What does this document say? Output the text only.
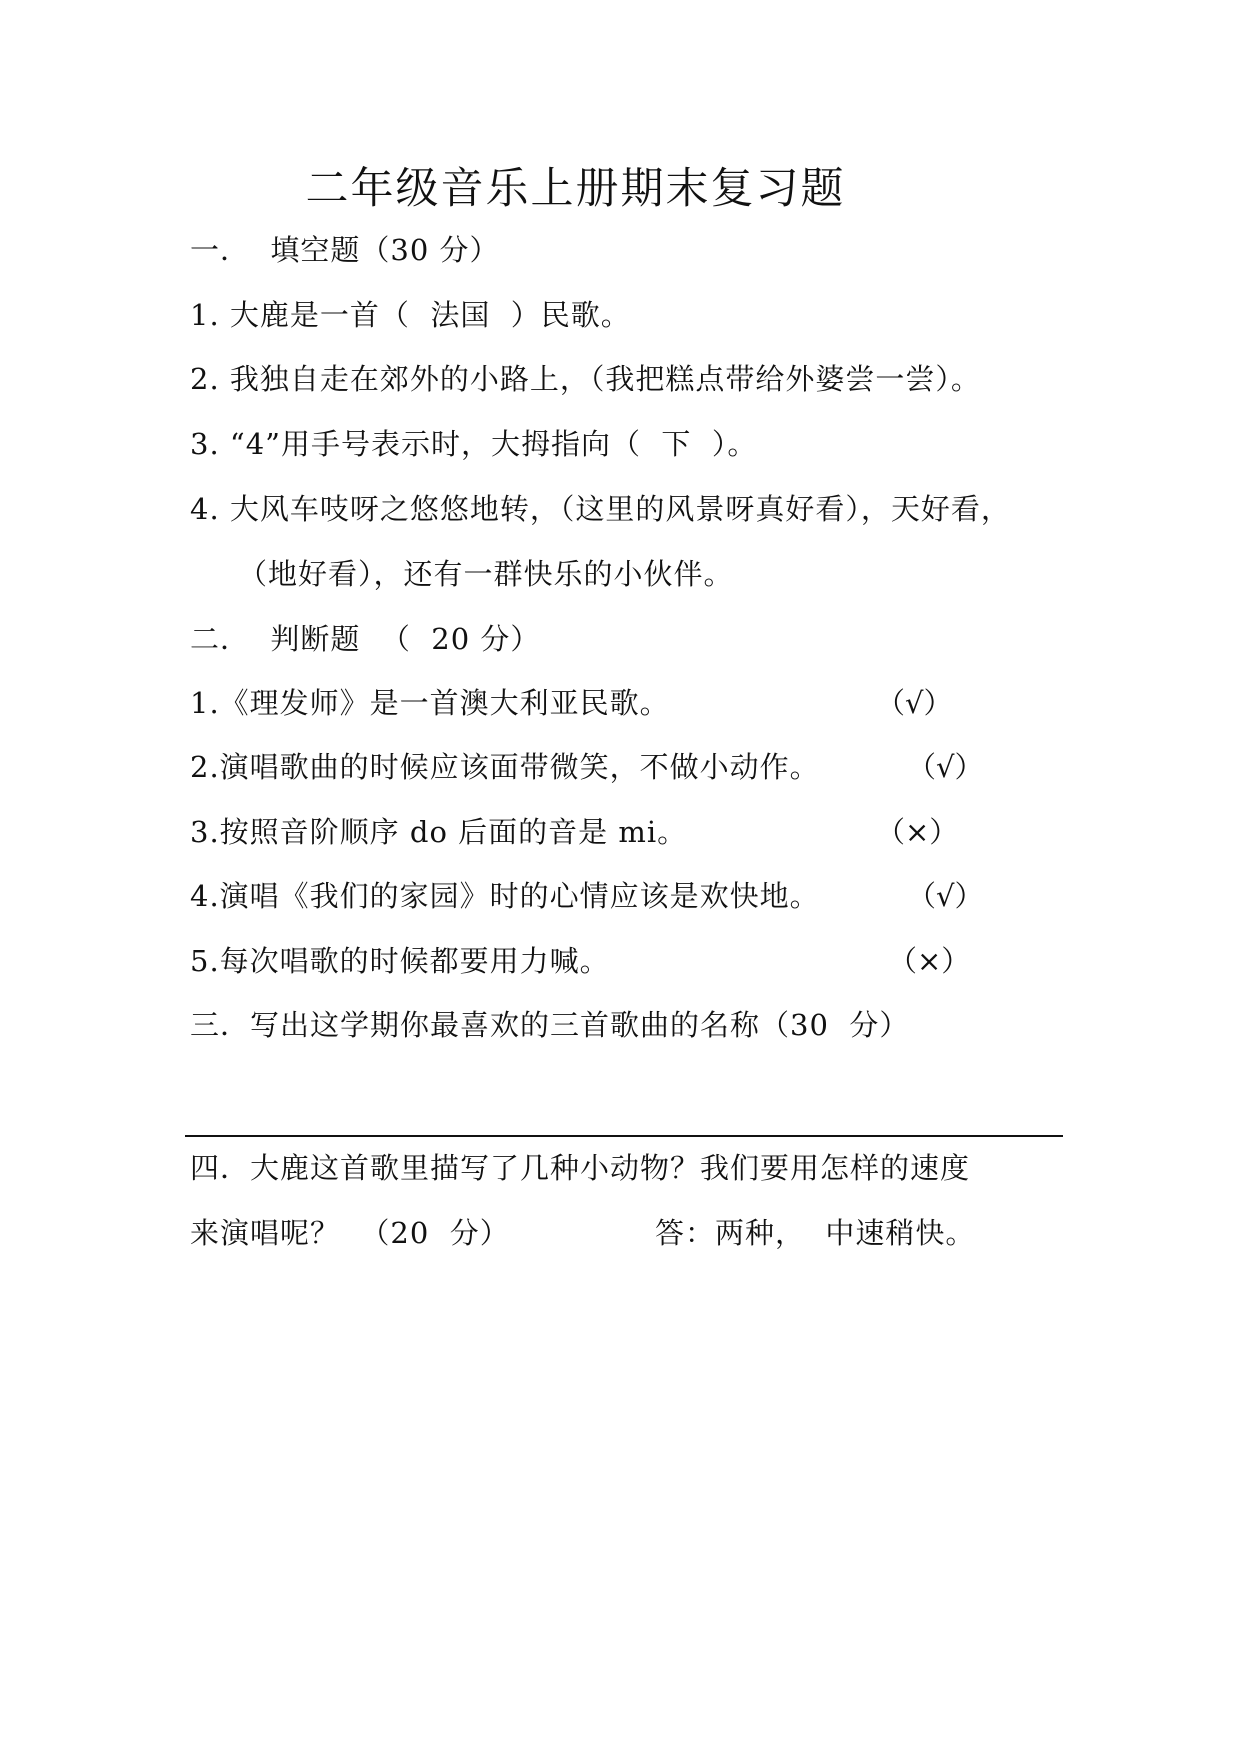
二年级音乐上册期末复习题
一．  填空题（30 分）
1. 大鹿是一首（  法国  ）民歌。
2. 我独自走在郊外的小路上，（我把糕点带给外婆尝一尝）。
3. “4”用手号表示时，大拇指向（  下  ）。
4. 大风车吱呀之悠悠地转，（这里的风景呀真好看），天好看，
（地好看），还有一群快乐的小伙伴。
二．  判断题  （  20 分）
1.《理发师》是一首澳大利亚民歌。	（√）
2.演唱歌曲的时候应该面带微笑，不做小动作。	（√）
3.按照音阶顺序 do 后面的音是 mi。	（×）
4.演唱《我们的家园》时的心情应该是欢快地。	（√）
5.每次唱歌的时候都要用力喊。	（×）
三．写出这学期你最喜欢的三首歌曲的名称（30  分）
四．大鹿这首歌里描写了几种小动物？我们要用怎样的速度
来演唱呢？  （20  分）	答：两种，  中速稍快。
